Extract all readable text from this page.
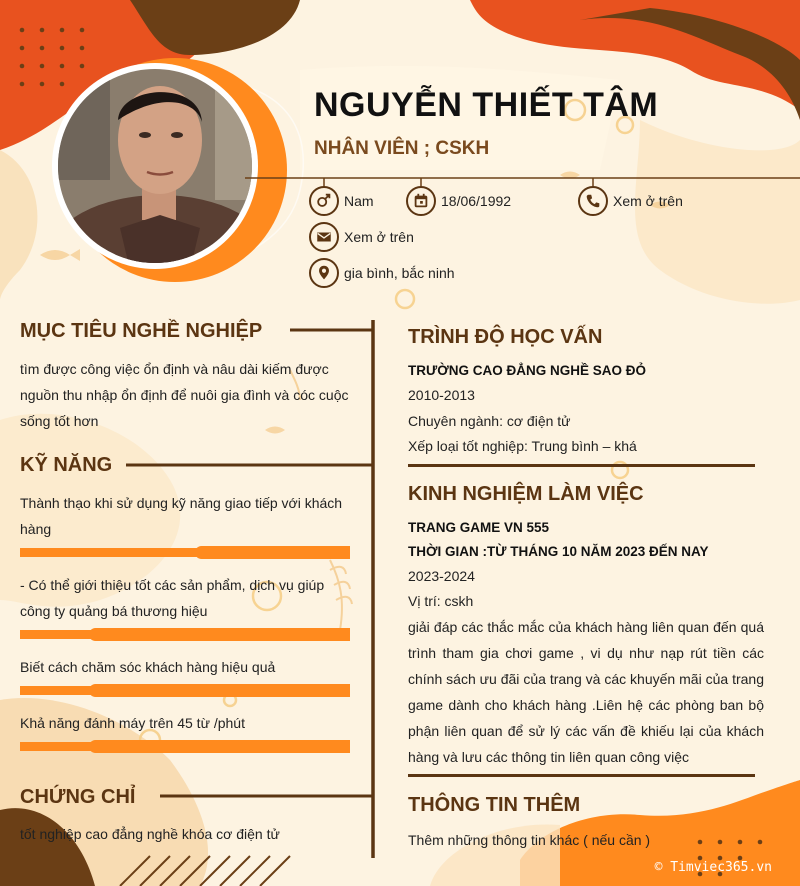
NGUYỄN THIẾT TÂM
NHÂN VIÊN ; CSKH
Nam	18/06/1992	Xem ở trên
Xem ở trên
gia bình, bắc ninh
MỤC TIÊU NGHỀ NGHIỆP
tìm được công việc ổn định và nâu dài kiếm được nguồn thu nhập ổn định để nuôi gia đình và cóc cuộc sống tốt hơn
KỸ NĂNG
Thành thạo khi sử dụng kỹ năng giao tiếp với khách hàng
- Có thể giới thiệu tốt các sản phẩm, dịch vụ giúp công ty quảng bá thương hiệu
Biết cách chăm sóc khách hàng hiệu quả
Khả năng đánh máy trên 45 từ /phút
CHỨNG CHỈ
tốt nghiệp cao đẳng nghề khóa cơ điện tử
TRÌNH ĐỘ HỌC VẤN
TRƯỜNG CAO ĐẲNG NGHỀ SAO ĐỎ
2010-2013
Chuyên ngành: cơ điện tử
Xếp loại tốt nghiệp: Trung bình – khá
KINH NGHIỆM LÀM VIỆC
TRANG GAME VN 555
THỜI GIAN :TỪ THÁNG 10 NĂM 2023 ĐẾN NAY
2023-2024
Vị trí: cskh
giải đáp các thắc mắc của khách hàng liên quan đến quá trình tham gia chơi game , vi dụ như nạp rút tiền các chính sách ưu đãi của trang và các khuyến mãi của trang game dành cho khách hàng .Liên hệ các phòng ban bộ phận liên quan để sử lý các vấn đề khiếu lại của khách hàng và lưu các thông tin liên quan công việc
THÔNG TIN THÊM
Thêm những thông tin khác ( nếu cần )
© Timviec365.vn
